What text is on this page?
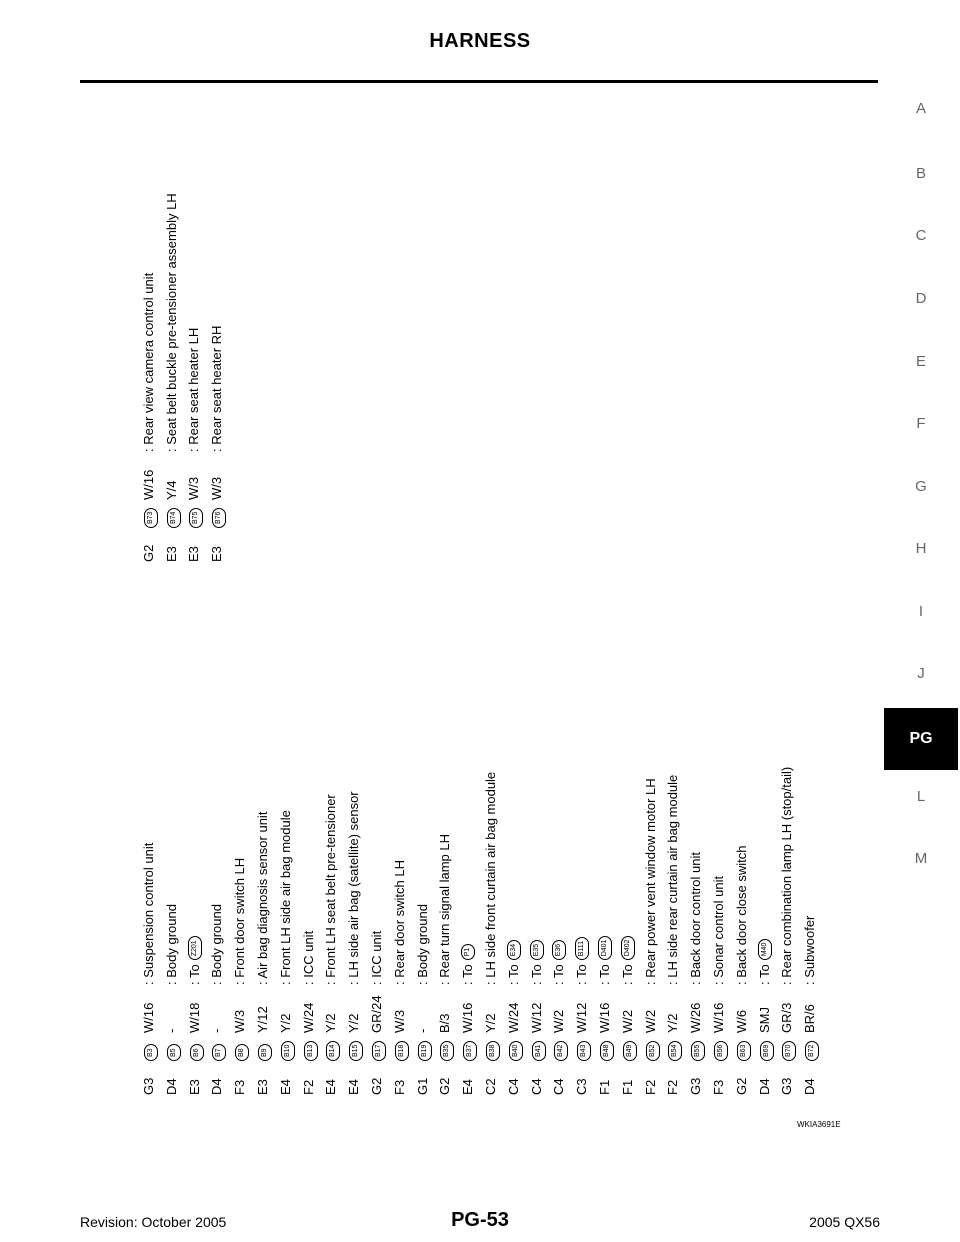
HARNESS
A
B
C
D
E
F
G
H
I
J
PG
L
M
G3
B3
W/16
: Suspension control unit
D4
B5
-
: Body ground
E3
B6
W/18
: ToZ201
D4
B7
-
: Body ground
F3
B8
W/3
: Front door switch LH
E3
B9
Y/12
: Air bag diagnosis sensor unit
E4
B10
Y/2
: Front LH side air bag module
F2
B13
W/24
: ICC unit
E4
B14
Y/2
: Front LH seat belt pre-tensioner
E4
B15
Y/2
: LH side air bag (satellite) sensor
G2
B17
GR/24
: ICC unit
F3
B18
W/3
: Rear door switch LH
G1
B19
-
: Body ground
G2
B35
B/3
: Rear turn signal lamp LH
E4
B37
W/16
: ToP1
C2
B38
Y/2
: LH side front curtain air bag module
C4
B40
W/24
: ToE34
C4
B41
W/12
: ToE35
C4
B42
W/2
: ToE36
C3
B43
W/12
: ToB111
F1
B48
W/16
: ToD401
F1
B49
W/2
: ToD402
F2
B52
W/2
: Rear power vent window motor LH
F2
B54
Y/2
: LH side rear curtain air bag module
G3
B55
W/26
: Back door control unit
F3
B56
W/16
: Sonar control unit
G2
B63
W/6
: Back door close switch
D4
B69
SMJ
: ToM40
G3
B70
GR/3
: Rear combination lamp LH (stop/tail)
D4
B72
BR/6
: Subwoofer
G2
B73
W/16
: Rear view camera control unit
E3
B74
Y/4
: Seat belt buckle pre-tensioner assembly LH
E3
B75
W/3
: Rear seat heater LH
E3
B76
W/3
: Rear seat heater RH
WKIA3691E
Revision: October 2005	PG-53	2005 QX56
